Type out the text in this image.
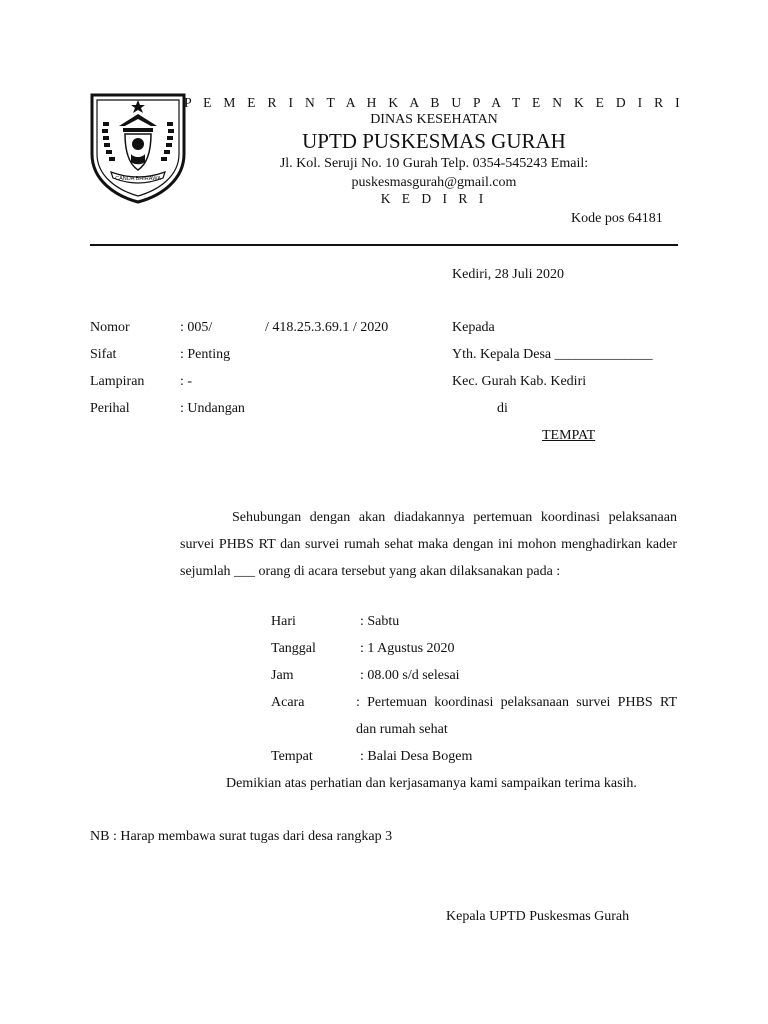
CANDA BHIRAWA
P E M E R I N T A H K A B U P A T E N K E D I R I
DINAS KESEHATAN
UPTD PUSKESMAS GURAH
Jl. Kol. Seruji No. 10 Gurah Telp. 0354-545243 Email:
puskesmasgurah@gmail.com
K E D I R I
Kode pos 64181
Kediri, 28 Juli 2020
Nomor	: 005/	/ 418.25.3.69.1 / 2020
Sifat	: Penting
Lampiran	: -
Perihal	: Undangan
Kepada
Yth. Kepala Desa ______________
Kec. Gurah Kab. Kediri
di
TEMPAT
Sehubungan dengan akan diadakannya pertemuan koordinasi pelaksanaan survei PHBS RT dan survei rumah sehat maka dengan ini mohon menghadirkan kader sejumlah ___ orang di acara tersebut yang akan dilaksanakan pada :
Hari	: Sabtu
Tanggal	: 1 Agustus 2020
Jam	: 08.00 s/d selesai
Acara	: Pertemuan koordinasi pelaksanaan survei PHBS RT dan rumah sehat
Tempat	: Balai Desa Bogem
Demikian atas perhatian dan kerjasamanya kami sampaikan terima kasih.
NB : Harap membawa surat tugas dari desa rangkap 3
Kepala UPTD Puskesmas Gurah
